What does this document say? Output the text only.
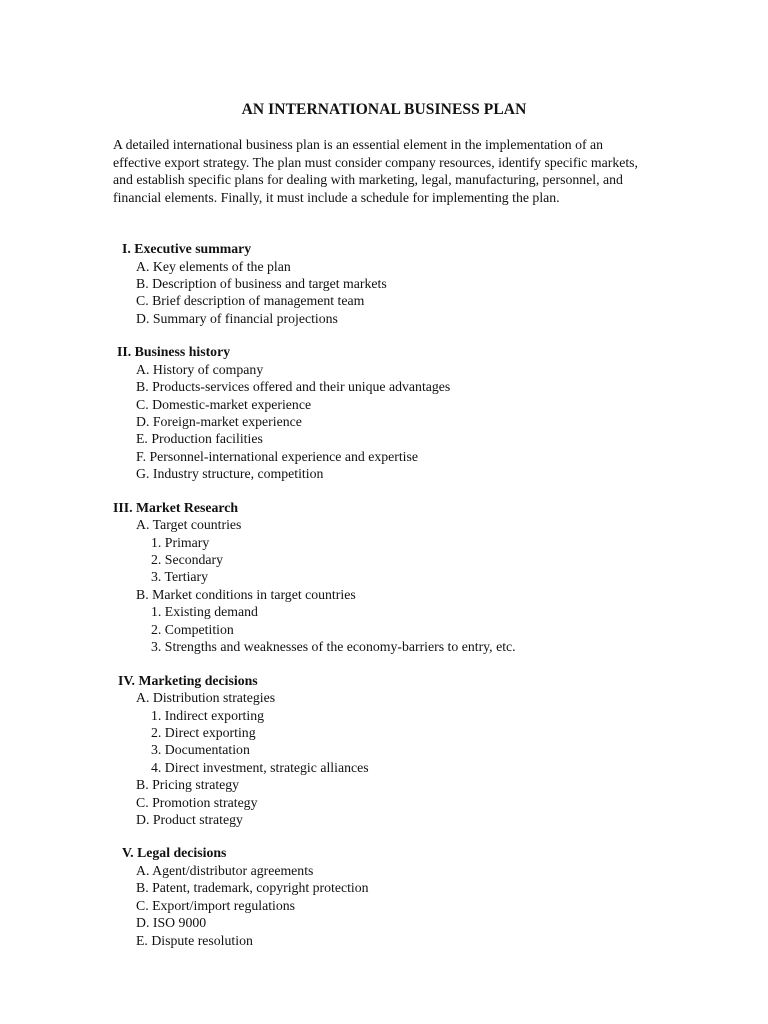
AN INTERNATIONAL BUSINESS PLAN
A detailed international business plan is an essential element in the implementation of an effective export strategy. The plan must consider company resources, identify specific markets, and establish specific plans for dealing with marketing, legal, manufacturing, personnel, and financial elements. Finally, it must include a schedule for implementing the plan.
I. Executive summary
A. Key elements of the plan
B. Description of business and target markets
C. Brief description of management team
D. Summary of financial projections
II. Business history
A. History of company
B. Products-services offered and their unique advantages
C. Domestic-market experience
D. Foreign-market experience
E. Production facilities
F. Personnel-international experience and expertise
G. Industry structure, competition
III. Market Research
A. Target countries
1. Primary
2. Secondary
3. Tertiary
B. Market conditions in target countries
1. Existing demand
2. Competition
3. Strengths and weaknesses of the economy-barriers to entry, etc.
IV. Marketing decisions
A. Distribution strategies
1. Indirect exporting
2. Direct exporting
3. Documentation
4. Direct investment, strategic alliances
B. Pricing strategy
C. Promotion strategy
D. Product strategy
V. Legal decisions
A. Agent/distributor agreements
B. Patent, trademark, copyright protection
C. Export/import regulations
D. ISO 9000
E. Dispute resolution
